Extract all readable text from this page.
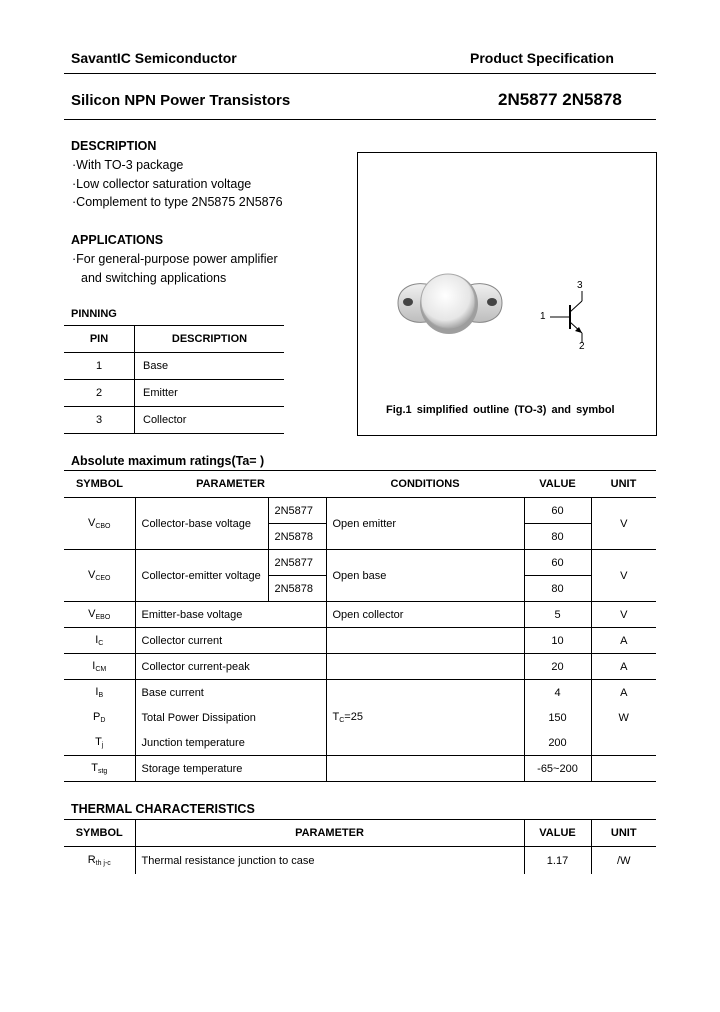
SavantIC Semiconductor	Product Specification
Silicon NPN Power Transistors	2N5877 2N5878
DESCRIPTION
·With TO-3 package
·Low collector saturation voltage
·Complement to type 2N5875 2N5876
APPLICATIONS
·For general-purpose power amplifier
and switching applications
PINNING
PIN	DESCRIPTION
1	Base
2	Emitter
3	Collector
3
1
2
Fig.1 simplified outline (TO-3) and symbol
Absolute maximum ratings(Ta= )
SYMBOL	PARAMETER		CONDITIONS	VALUE	UNIT
$V_{CBO}$	Collector-base voltage	2N5877	Open emitter	60	V
		2N5878		80	
$V_{CEO}$	Collector-emitter voltage	2N5877	Open base	60	V
		2N5878		80	
$V_{EBO}$	Emitter-base voltage		Open collector	5	V
$I_C$	Collector current			10	A
$I_{CM}$	Collector current-peak			20	A
$I_B$	Base current		$T_C=25$	4	A
$P_D$	Total Power Dissipation			150	W
$T_j$	Junction temperature			200	
$T_{stg}$	Storage temperature			-65~200	
THERMAL CHARACTERISTICS
SYMBOL	PARAMETER	VALUE	UNIT
$R_{th j-c}$	Thermal resistance junction to case	1.17	/W
